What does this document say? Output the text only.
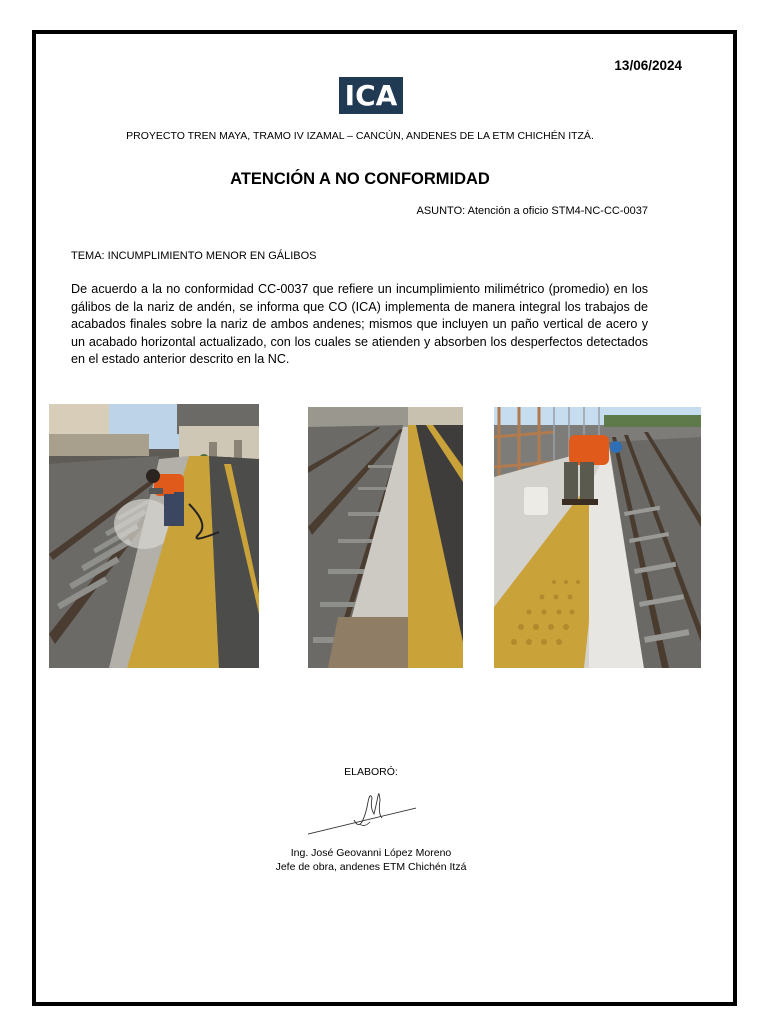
13/06/2024
ICA
PROYECTO TREN MAYA, TRAMO IV IZAMAL – CANCÚN, ANDENES DE LA ETM CHICHÉN ITZÁ.
ATENCIÓN A NO CONFORMIDAD
ASUNTO: Atención a oficio STM4-NC-CC-0037
TEMA: INCUMPLIMIENTO MENOR EN GÁLIBOS
De acuerdo a la no conformidad CC-0037 que refiere un incumplimiento milimétrico (promedio) en los gálibos de la nariz de andén, se informa que CO (ICA) implementa de manera integral los trabajos de acabados finales sobre la nariz de ambos andenes; mismos que incluyen un paño vertical de acero y un acabado horizontal actualizado, con los cuales se atienden y absorben los desperfectos detectados en el estado anterior descrito en la NC.
ELABORÓ:
Ing. José Geovanni López Moreno
Jefe de obra, andenes ETM Chichén Itzá
